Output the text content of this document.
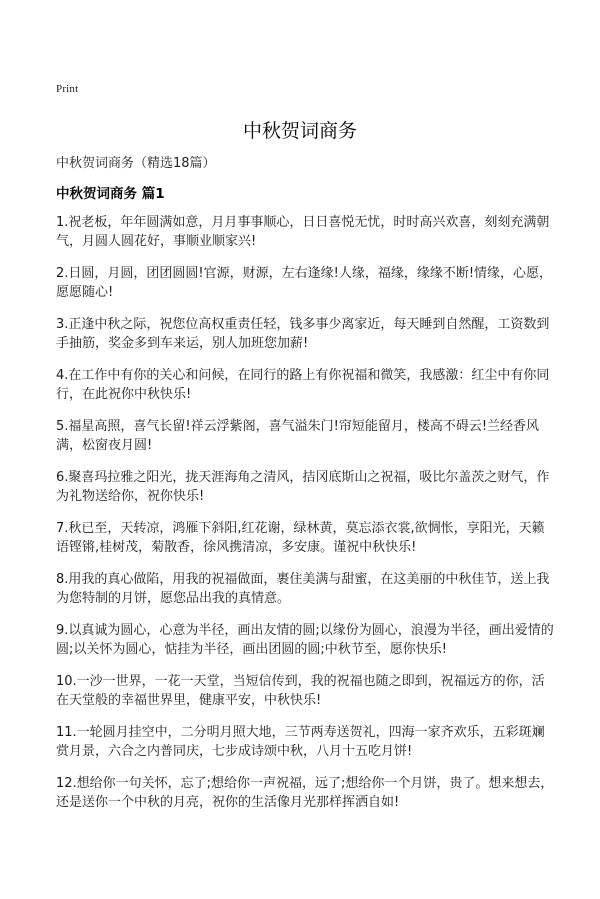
Print
中秋贺词商务
中秋贺词商务（精选18篇）
中秋贺词商务 篇1
1.祝老板，年年圆满如意，月月事事顺心，日日喜悦无忧，时时高兴欢喜，刻刻充满朝气，月圆人圆花好，事顺业顺家兴!
2.日圆，月圆，团团圆圆!官源，财源，左右逢缘!人缘，福缘，缘缘不断!情缘，心愿，愿愿随心!
3.正逢中秋之际，祝您位高权重责任轻，钱多事少离家近，每天睡到自然醒，工资数到手抽筋，奖金多到车来运，别人加班您加薪!
4.在工作中有你的关心和问候，在同行的路上有你祝福和微笑，我感激：红尘中有你同行，在此祝你中秋快乐!
5.福星高照，喜气长留!祥云浮紫阁，喜气溢朱门!帘短能留月，楼高不碍云!兰经香风满，松窗夜月圆!
6.聚喜玛拉雅之阳光，拢天涯海角之清风，拮冈底斯山之祝福，吸比尔盖茨之财气，作为礼物送给你，祝你快乐!
7.秋已至，天转凉，鸿雁下斜阳,红花谢，绿林黄，莫忘添衣裳,欲惆怅，享阳光，天籁语铿锵,桂树茂，菊散香，徐风携清凉，多安康。谨祝中秋快乐!
8.用我的真心做陷，用我的祝福做面，裹住美满与甜蜜，在这美丽的中秋佳节，送上我为您特制的月饼，愿您品出我的真情意。
9.以真诚为圆心，心意为半径，画出友情的圆;以缘份为圆心，浪漫为半径，画出爱情的圆;以关怀为圆心，惦挂为半径，画出团圆的圆;中秋节至，愿你快乐!
10.一沙一世界，一花一天堂，当短信传到，我的祝福也随之即到，祝福远方的你，活在天堂般的幸福世界里，健康平安，中秋快乐!
11.一轮圆月挂空中，二分明月照大地，三节两寿送贺礼，四海一家齐欢乐，五彩斑斓赏月景，六合之内普同庆，七步成诗颂中秋，八月十五吃月饼!
12.想给你一句关怀，忘了;想给你一声祝福，远了;想给你一个月饼，贵了。想来想去，还是送你一个中秋的月亮，祝你的生活像月光那样挥洒自如!
